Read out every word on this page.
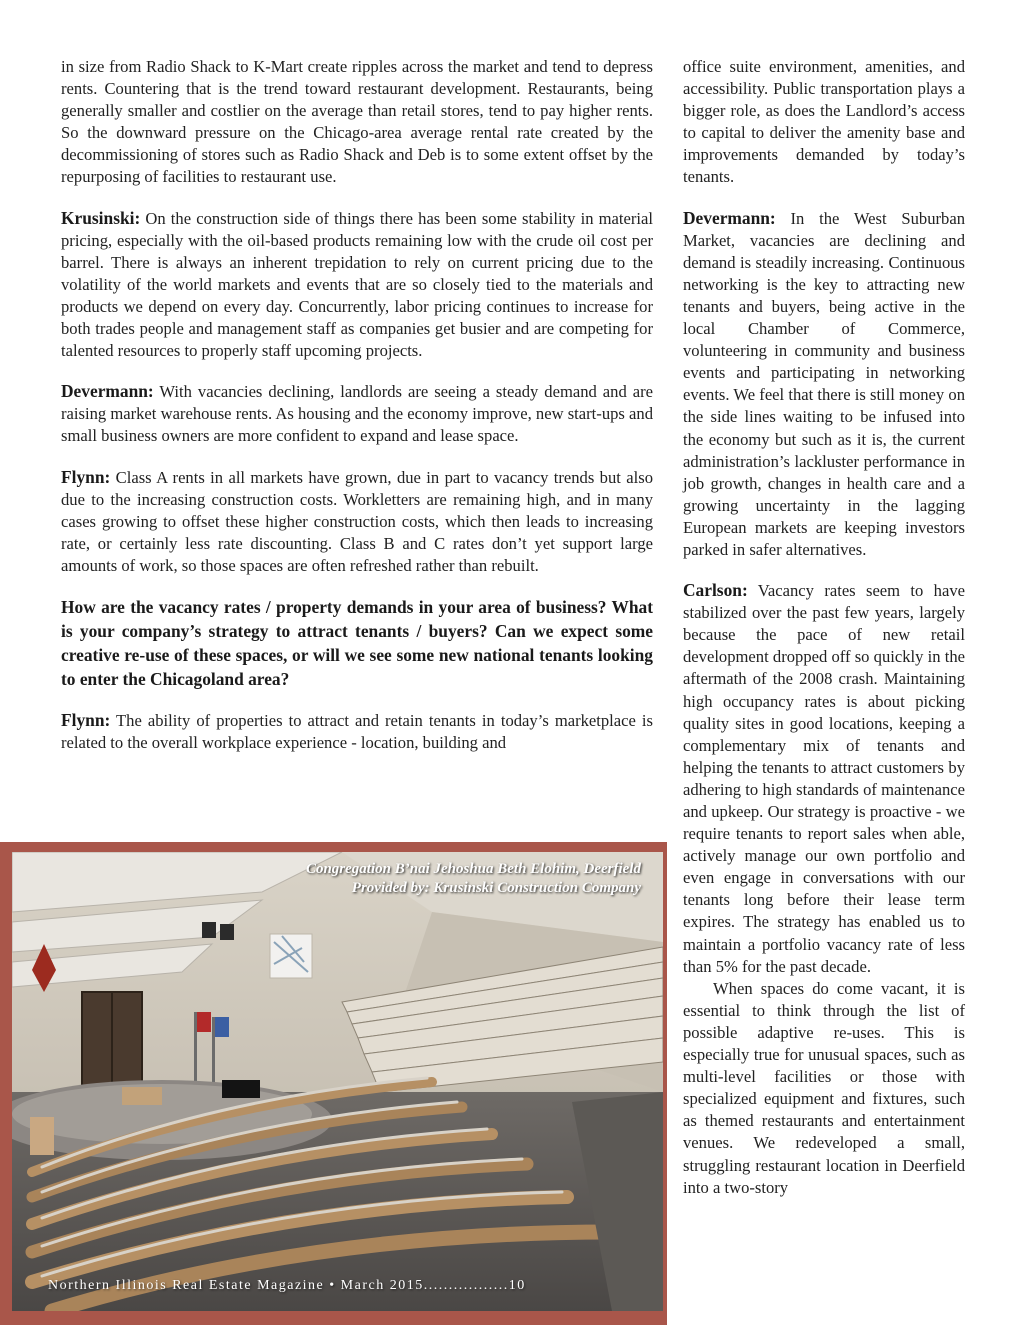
in size from Radio Shack to K-Mart create ripples across the market and tend to depress rents. Countering that is the trend toward restaurant development. Restaurants, being generally smaller and costlier on the average than retail stores, tend to pay higher rents. So the downward pressure on the Chicago-area average rental rate created by the decommissioning of stores such as Radio Shack and Deb is to some extent offset by the repurposing of facilities to restaurant use.

Krusinski: On the construction side of things there has been some stability in material pricing, especially with the oil-based products remaining low with the crude oil cost per barrel. There is always an inherent trepidation to rely on current pricing due to the volatility of the world markets and events that are so closely tied to the materials and products we depend on every day. Concurrently, labor pricing continues to increase for both trades people and management staff as companies get busier and are competing for talented resources to properly staff upcoming projects.

Devermann: With vacancies declining, landlords are seeing a steady demand and are raising market warehouse rents. As housing and the economy improve, new start-ups and small business owners are more confident to expand and lease space.

Flynn: Class A rents in all markets have grown, due in part to vacancy trends but also due to the increasing construction costs. Workletters are remaining high, and in many cases growing to offset these higher construction costs, which then leads to increasing rate, or certainly less rate discounting. Class B and C rates don’t yet support large amounts of work, so those spaces are often refreshed rather than rebuilt.

How are the vacancy rates / property demands in your area of business? What is your company’s strategy to attract tenants / buyers? Can we expect some creative re-use of these spaces, or will we see some new national tenants looking to enter the Chicagoland area?

Flynn: The ability of properties to attract and retain tenants in today’s marketplace is related to the overall workplace experience - location, building and

office suite environment, amenities, and accessibility. Public transportation plays a bigger role, as does the Landlord’s access to capital to deliver the amenity base and improvements demanded by today’s tenants.

Devermann: In the West Suburban Market, vacancies are declining and demand is steadily increasing. Continuous networking is the key to attracting new tenants and buyers, being active in the local Chamber of Commerce, volunteering in community and business events and participating in networking events. We feel that there is still money on the side lines waiting to be infused into the economy but such as it is, the current administration’s lackluster performance in job growth, changes in health care and a growing uncertainty in the lagging European markets are keeping investors parked in safer alternatives.

Carlson: Vacancy rates seem to have stabilized over the past few years, largely because the pace of new retail development dropped off so quickly in the aftermath of the 2008 crash. Maintaining high occupancy rates is about picking quality sites in good locations, keeping a complementary mix of tenants and helping the tenants to attract customers by adhering to high standards of maintenance and upkeep. Our strategy is proactive - we require tenants to report sales when able, actively manage our own portfolio and even engage in conversations with our tenants long before their lease term expires. The strategy has enabled us to maintain a portfolio vacancy rate of less than 5% for the past decade.

When spaces do come vacant, it is essential to think through the list of possible adaptive re-uses. This is especially true for unusual spaces, such as multi-level facilities or those with specialized equipment and fixtures, such as themed restaurants and entertainment venues. We redeveloped a small, struggling restaurant location in Deerfield into a two-story

Congregation B’nai Jehoshua Beth Elohim, Deerfield
Provided by: Krusinski Construction Company
Northern Illinois Real Estate Magazine • March 2015.................10
